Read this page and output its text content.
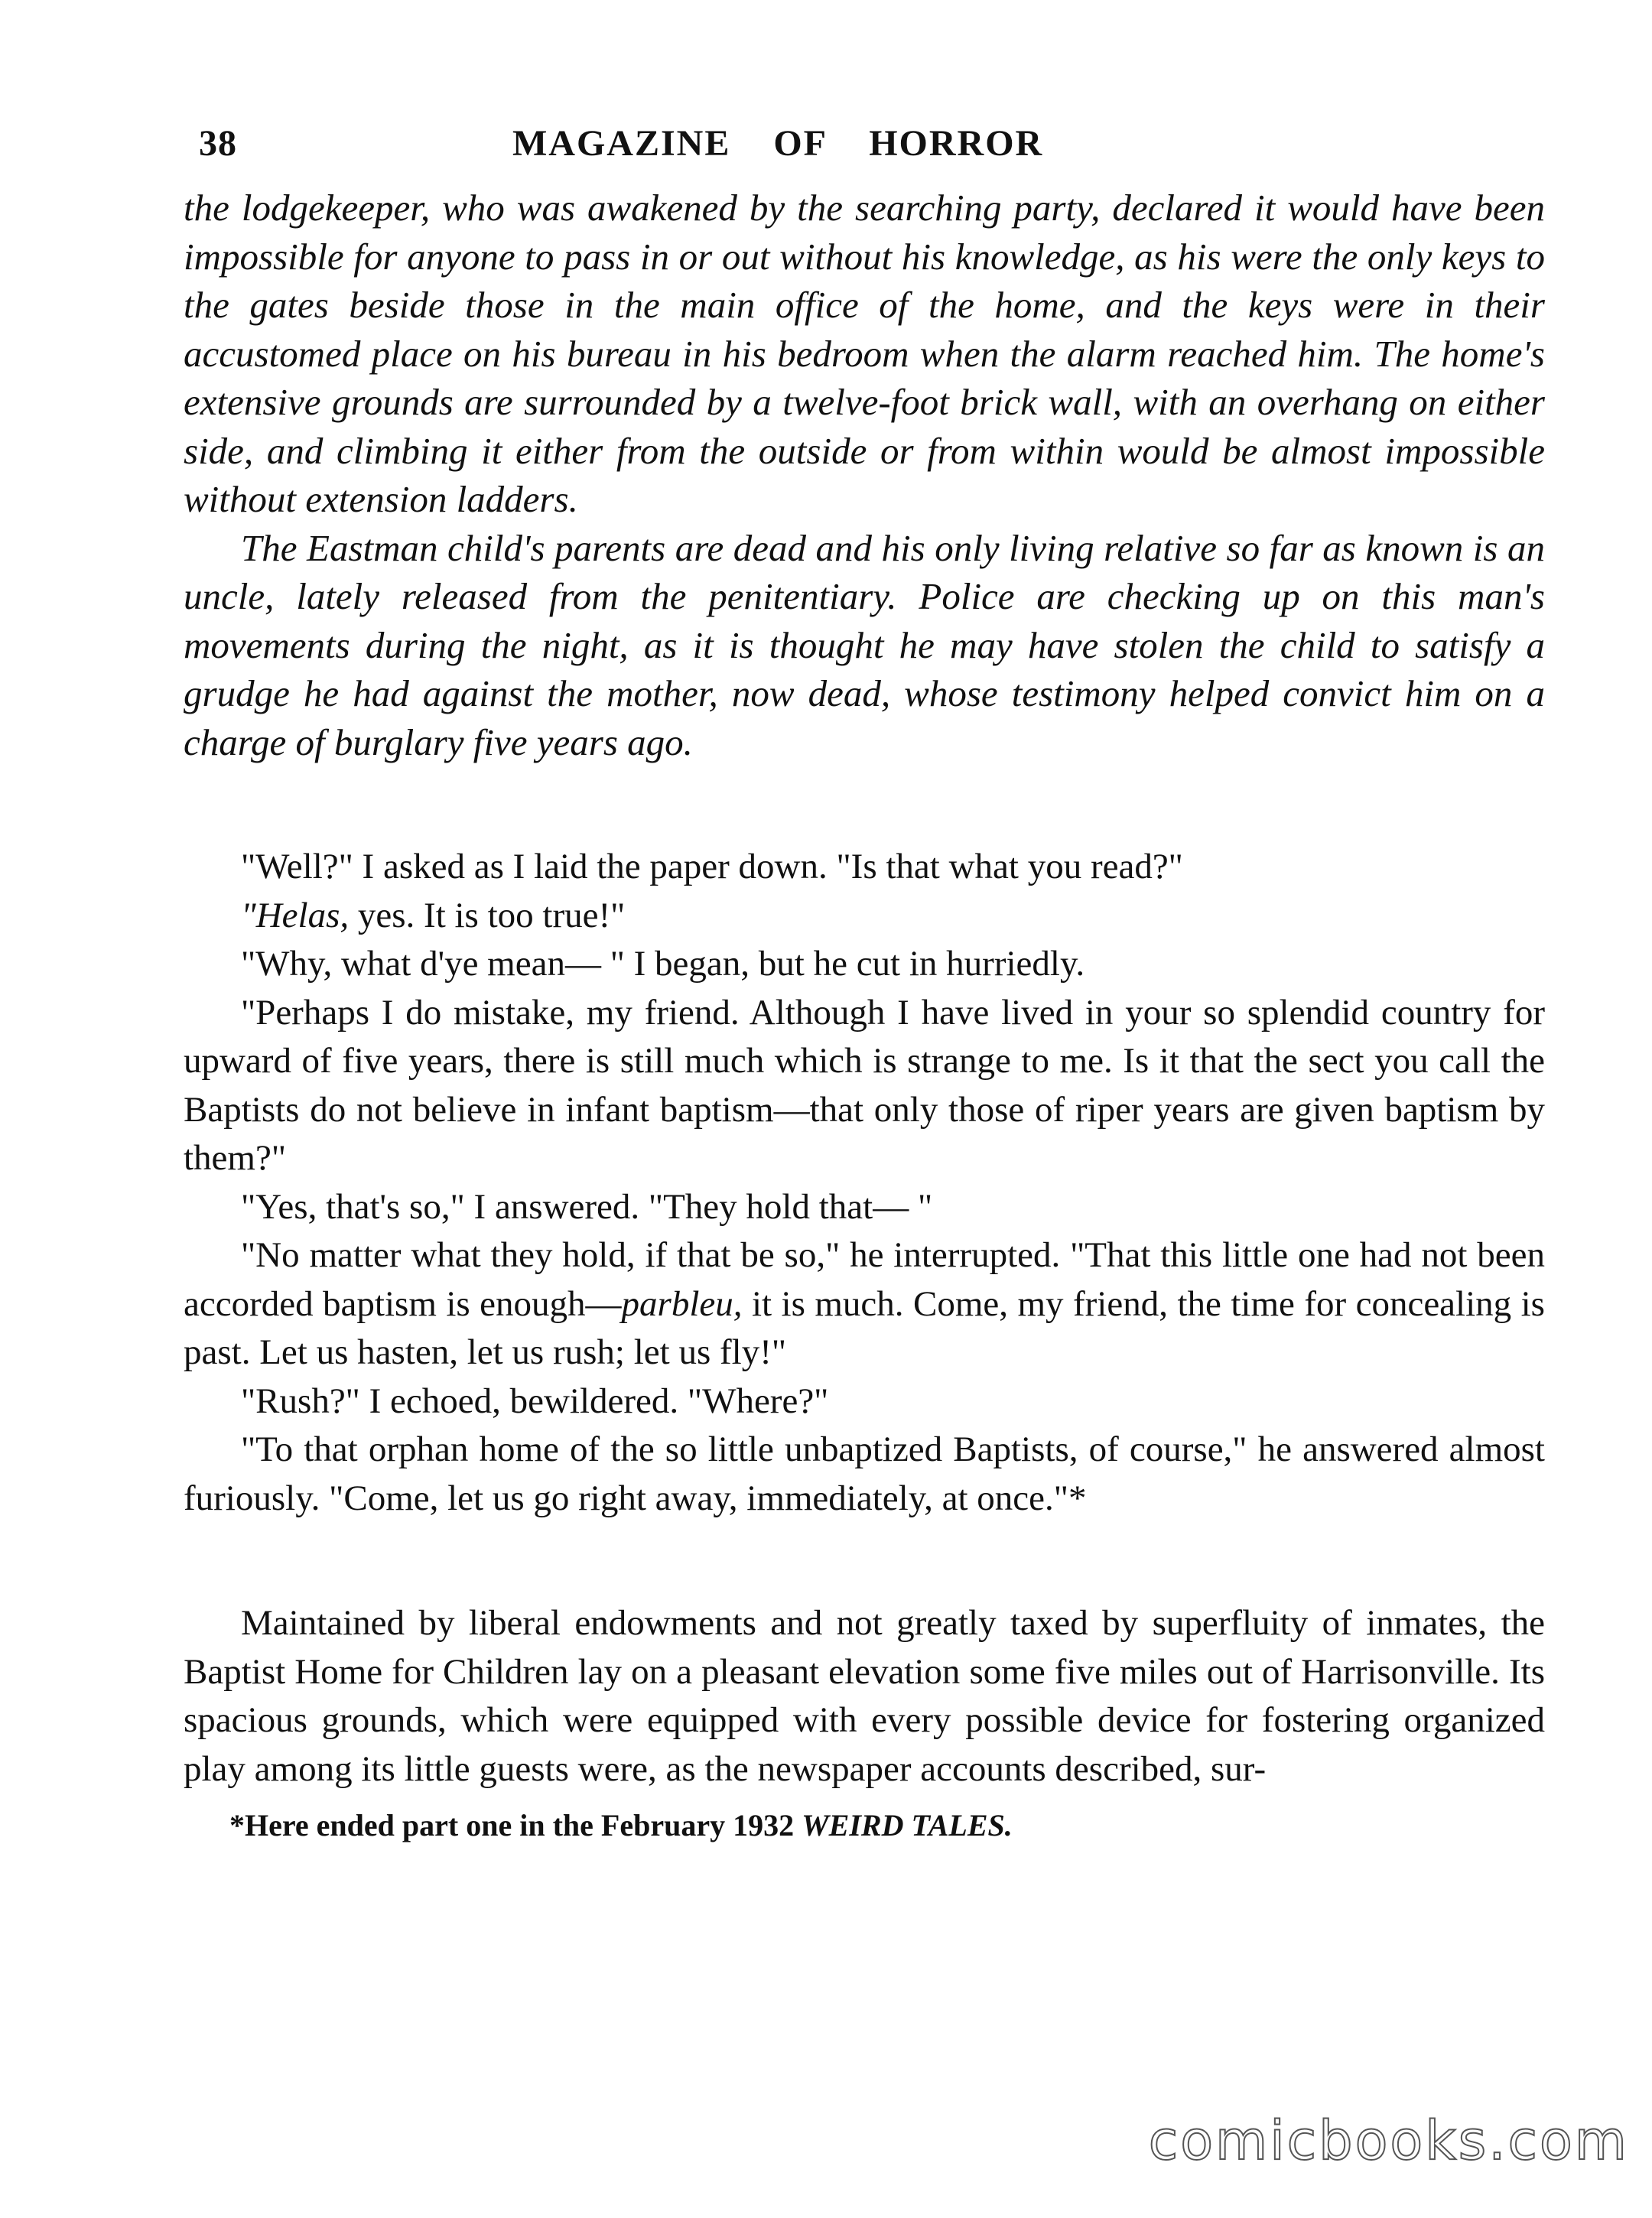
38	MAGAZINE OF HORROR

the lodgekeeper, who was awakened by the searching party, declared it would have been impossible for anyone to pass in or out without his knowledge, as his were the only keys to the gates beside those in the main office of the home, and the keys were in their accustomed place on his bureau in his bedroom when the alarm reached him. The home's extensive grounds are surrounded by a twelve-foot brick wall, with an overhang on either side, and climbing it either from the outside or from within would be almost impossible without extension ladders.

The Eastman child's parents are dead and his only living relative so far as known is an uncle, lately released from the penitentiary. Police are checking up on this man's movements during the night, as it is thought he may have stolen the child to satisfy a grudge he had against the mother, now dead, whose testimony helped convict him on a charge of burglary five years ago.

"Well?" I asked as I laid the paper down. "Is that what you read?"

"Helas, yes. It is too true!"

"Why, what d'ye mean— " I began, but he cut in hurriedly.

"Perhaps I do mistake, my friend. Although I have lived in your so splendid country for upward of five years, there is still much which is strange to me. Is it that the sect you call the Baptists do not believe in infant baptism—that only those of riper years are given baptism by them?"

"Yes, that's so," I answered. "They hold that— "

"No matter what they hold, if that be so," he interrupted. "That this little one had not been accorded baptism is enough—parbleu, it is much. Come, my friend, the time for concealing is past. Let us hasten, let us rush; let us fly!"

"Rush?" I echoed, bewildered. "Where?"

"To that orphan home of the so little unbaptized Baptists, of course," he answered almost furiously. "Come, let us go right away, immediately, at once."*

Maintained by liberal endowments and not greatly taxed by superfluity of inmates, the Baptist Home for Children lay on a pleasant elevation some five miles out of Harrisonville. Its spacious grounds, which were equipped with every possible device for fostering organized play among its little guests were, as the newspaper accounts described, sur-

*Here ended part one in the February 1932 WEIRD TALES.
comicbooks.com
